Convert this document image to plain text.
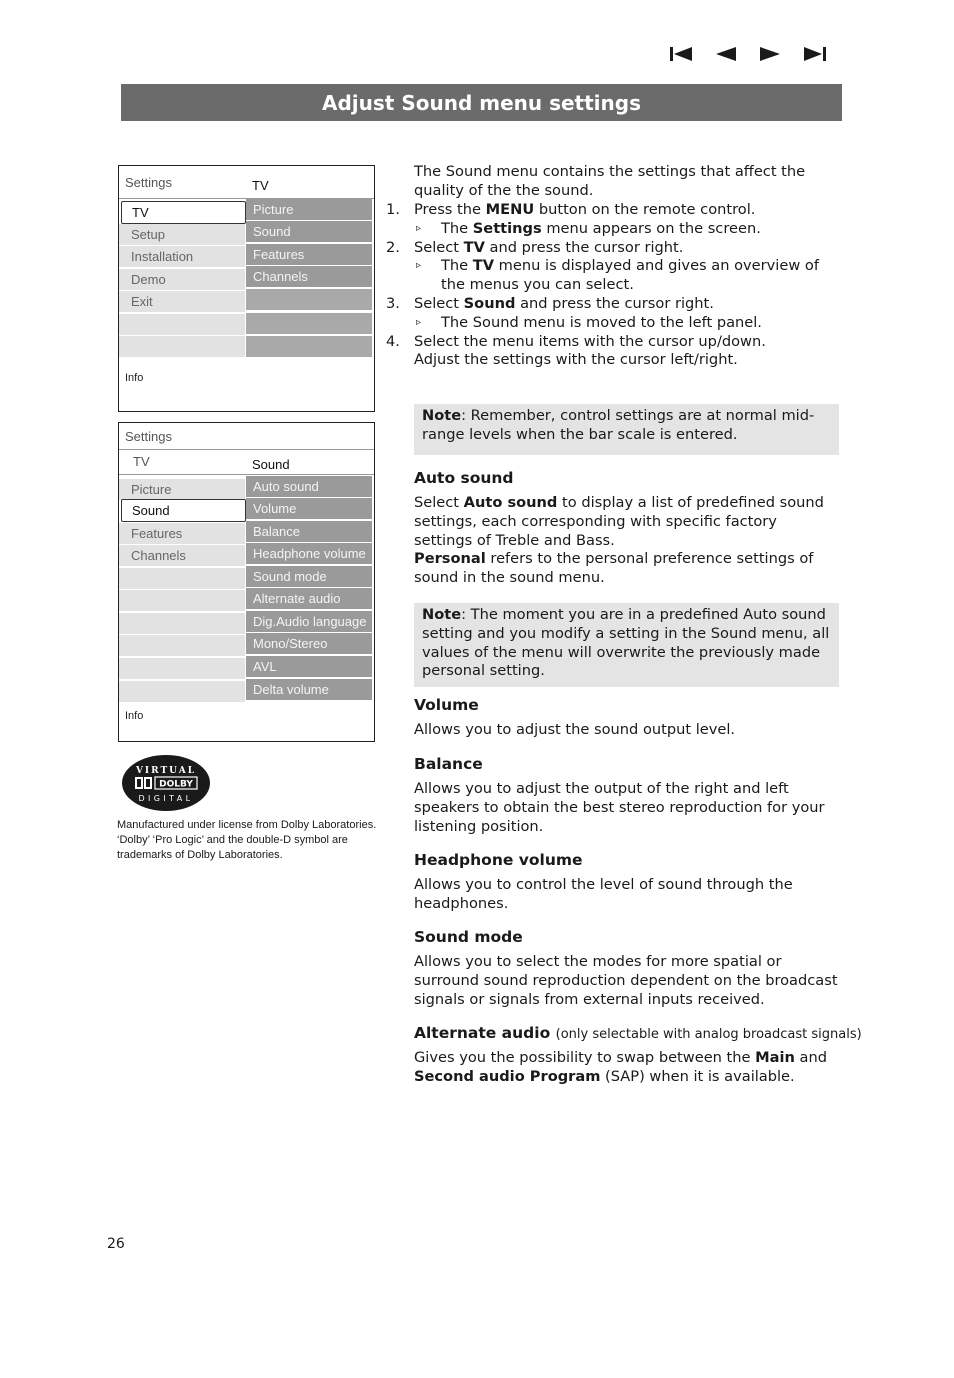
Adjust Sound menu settings
Settings	TV
TV
Setup
Installation
Demo
Exit
Picture
Sound
Features
Channels
Info
Settings
TV	Sound
Picture
Sound
Features
Channels
Auto sound
Volume
Balance
Headphone volume
Sound mode
Alternate audio
Dig.Audio language
Mono/Stereo
AVL
Delta volume
Info
VIRTUAL
DOLBY
DIGITAL
Manufactured under license from Dolby Laboratories.
‘Dolby’ ‘Pro Logic’ and the double-D symbol are trademarks of Dolby Laboratories.

The Sound menu contains the settings that affect the quality of the the sound.

1. Press the MENU button on the remote control.
▹ The Settings menu appears on the screen.
2. Select TV and press the cursor right.
▹ The TV menu is displayed and gives an overview of the menus you can select.
3. Select Sound and press the cursor right.
▹ The Sound menu is moved to the left panel.
4. Select the menu items with the cursor up/down.
Adjust the settings with the cursor left/right.
Note: Remember, control settings are at normal mid-range levels when the bar scale is entered.
Auto sound

Select Auto sound to display a list of predefined sound settings, each corresponding with specific factory settings of Treble and Bass.

Personal refers to the personal preference settings of sound in the sound menu.

Note: The moment you are in a predefined Auto sound setting and you modify a setting in the Sound menu, all values of the menu will overwrite the previously made personal setting.
Volume

Allows you to adjust the sound output level.

Balance

Allows you to adjust the output of the right and left speakers to obtain the best stereo reproduction for your listening position.

Headphone volume

Allows you to control the level of sound through the headphones.

Sound mode

Allows you to select the modes for more spatial or surround sound reproduction dependent on the broadcast signals or signals from external inputs received.

Alternate audio (only selectable with analog broadcast signals)

Gives you the possibility to swap between the Main and Second audio Program (SAP) when it is available.

26
